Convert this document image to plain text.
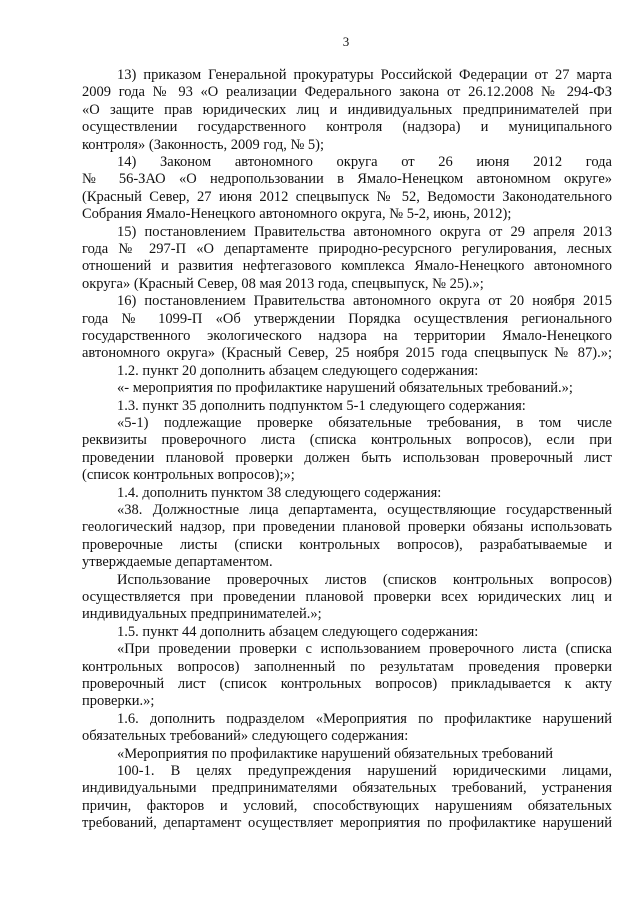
3
13) приказом Генеральной прокуратуры Российской Федерации от 27 марта
2009 года № 93 «О реализации Федерального закона от 26.12.2008 № 294-ФЗ
«О защите прав юридических лиц и индивидуальных предпринимателей при
осуществлении государственного контроля (надзора) и муниципального
контроля» (Законность, 2009 год, № 5);
14) Законом автономного округа от 26 июня 2012 года
№ 56-ЗАО «О недропользовании в Ямало-Ненецком автономном округе»
(Красный Север, 27 июня 2012 спецвыпуск № 52, Ведомости Законодательного
Собрания Ямало-Ненецкого автономного округа, № 5-2, июнь, 2012);
15) постановлением Правительства автономного округа от 29 апреля 2013
года № 297-П «О департаменте природно-ресурсного регулирования, лесных
отношений и развития нефтегазового комплекса Ямало-Ненецкого автономного
округа» (Красный Север, 08 мая 2013 года, спецвыпуск, № 25).»;
16) постановлением Правительства автономного округа от 20 ноября 2015
года № 1099-П «Об утверждении Порядка осуществления регионального
государственного экологического надзора на территории Ямало-Ненецкого
автономного округа» (Красный Север, 25 ноября 2015 года спецвыпуск № 87).»;
1.2. пункт 20 дополнить абзацем следующего содержания:
«- мероприятия по профилактике нарушений обязательных требований.»;
1.3. пункт 35 дополнить подпунктом 5-1 следующего содержания:
«5-1) подлежащие проверке обязательные требования, в том числе
реквизиты проверочного листа (списка контрольных вопросов), если при
проведении плановой проверки должен быть использован проверочный лист
(список контрольных вопросов);»;
1.4. дополнить пунктом 38 следующего содержания:
«38. Должностные лица департамента, осуществляющие государственный
геологический надзор, при проведении плановой проверки обязаны использовать
проверочные листы (списки контрольных вопросов), разрабатываемые и
утверждаемые департаментом.
Использование проверочных листов (списков контрольных вопросов)
осуществляется при проведении плановой проверки всех юридических лиц и
индивидуальных предпринимателей.»;
1.5. пункт 44 дополнить абзацем следующего содержания:
«При проведении проверки с использованием проверочного листа (списка
контрольных вопросов) заполненный по результатам проведения проверки
проверочный лист (список контрольных вопросов) прикладывается к акту
проверки.»;
1.6. дополнить подразделом «Мероприятия по профилактике нарушений
обязательных требований» следующего содержания:
«Мероприятия по профилактике нарушений обязательных требований
100-1. В целях предупреждения нарушений юридическими лицами,
индивидуальными предпринимателями обязательных требований, устранения
причин, факторов и условий, способствующих нарушениям обязательных
требований, департамент осуществляет мероприятия по профилактике нарушений
